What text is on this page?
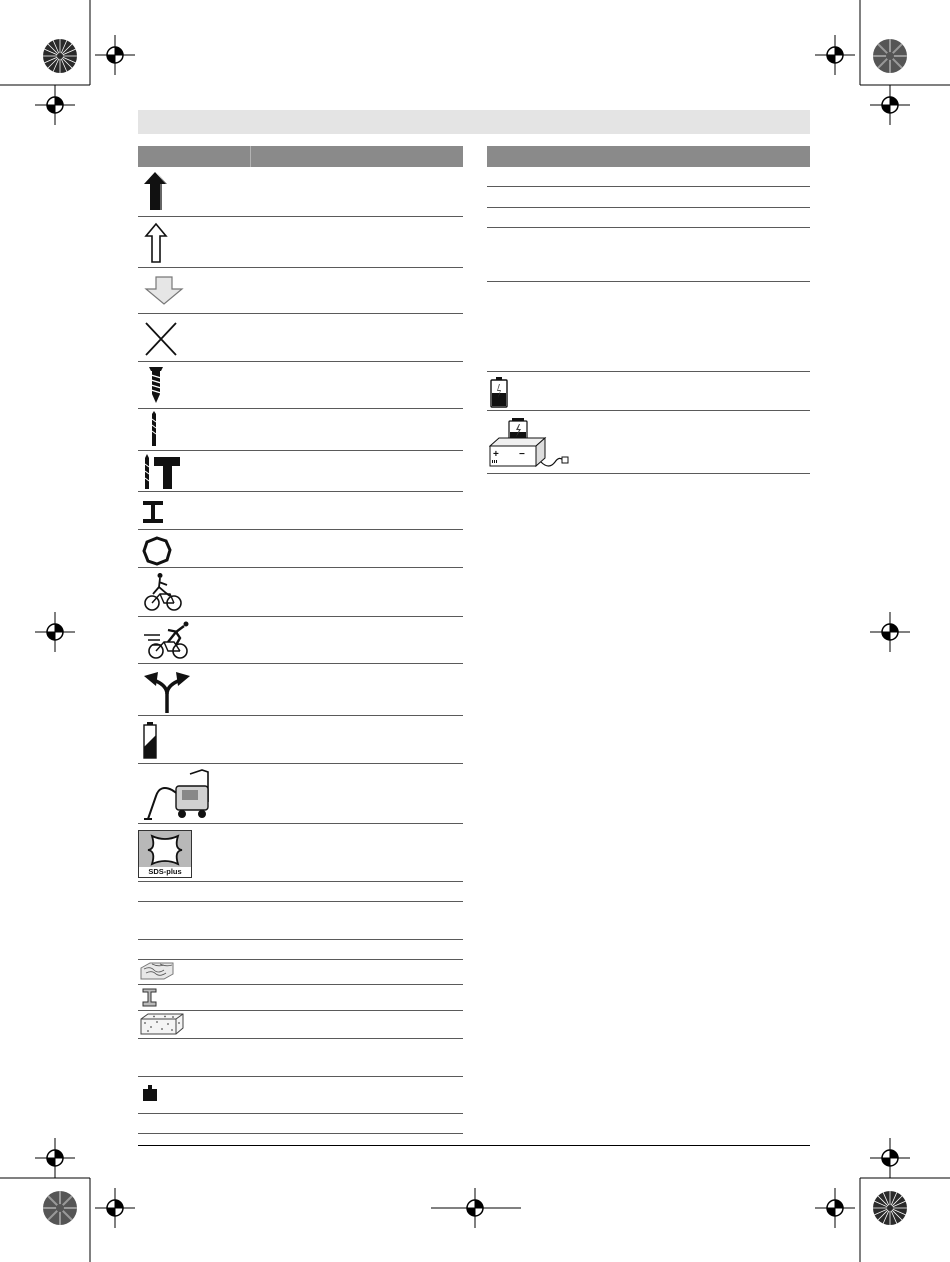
SDS-plus
+ −
